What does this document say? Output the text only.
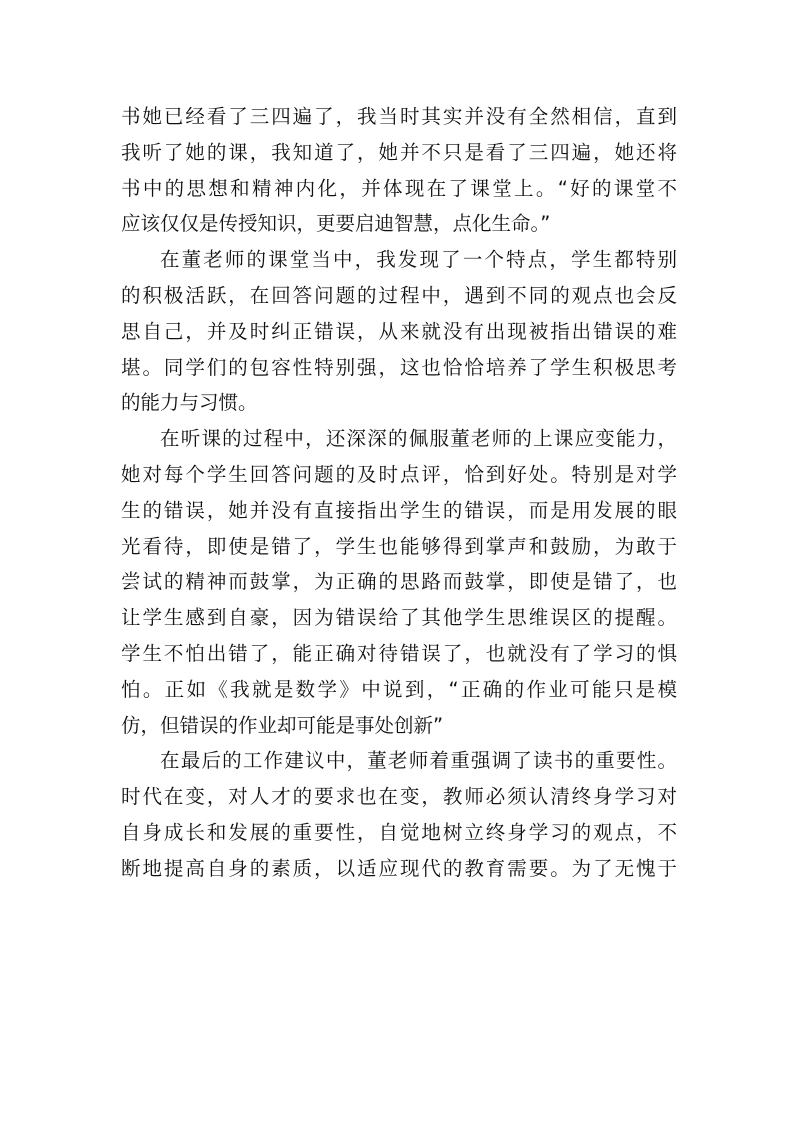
书她已经看了三四遍了，我当时其实并没有全然相信，直到
我听了她的课，我知道了，她并不只是看了三四遍，她还将
书中的思想和精神内化，并体现在了课堂上。“好的课堂不
应该仅仅是传授知识，更要启迪智慧，点化生命。”
在董老师的课堂当中，我发现了一个特点，学生都特别
的积极活跃，在回答问题的过程中，遇到不同的观点也会反
思自己，并及时纠正错误，从来就没有出现被指出错误的难
堪。同学们的包容性特别强，这也恰恰培养了学生积极思考
的能力与习惯。
在听课的过程中，还深深的佩服董老师的上课应变能力，
她对每个学生回答问题的及时点评，恰到好处。特别是对学
生的错误，她并没有直接指出学生的错误，而是用发展的眼
光看待，即使是错了，学生也能够得到掌声和鼓励，为敢于
尝试的精神而鼓掌，为正确的思路而鼓掌，即使是错了，也
让学生感到自豪，因为错误给了其他学生思维误区的提醒。
学生不怕出错了，能正确对待错误了，也就没有了学习的惧
怕。正如《我就是数学》中说到，“正确的作业可能只是模
仿，但错误的作业却可能是事处创新”
在最后的工作建议中，董老师着重强调了读书的重要性。
时代在变，对人才的要求也在变，教师必须认清终身学习对
自身成长和发展的重要性，自觉地树立终身学习的观点，不
断地提高自身的素质，以适应现代的教育需要。为了无愧于
